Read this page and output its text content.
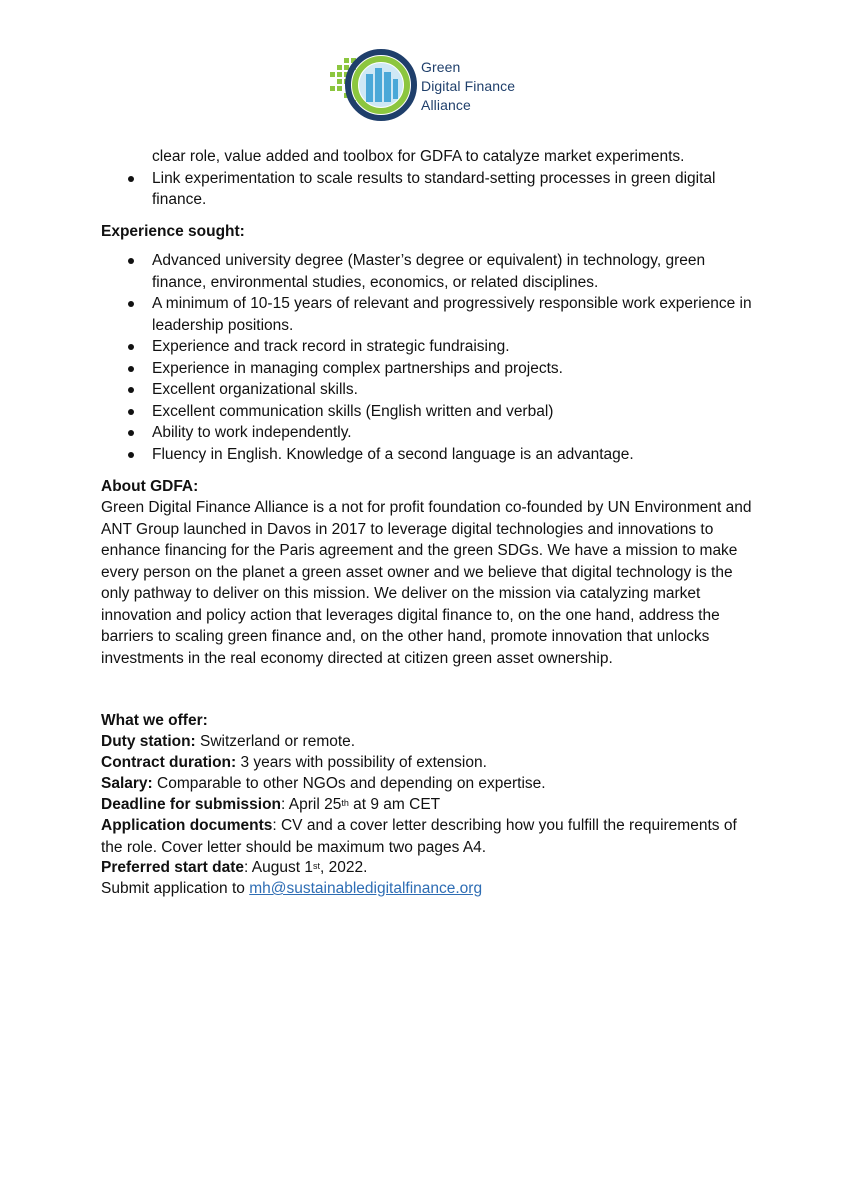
Green
Digital Finance
Alliance
clear role, value added and toolbox for GDFA to catalyze market experiments.
Link experimentation to scale results to standard-setting processes in green digital finance.
Experience sought:
Advanced university degree (Master’s degree or equivalent) in technology, green finance, environmental studies, economics, or related disciplines.
A minimum of 10-15 years of relevant and progressively responsible work experience in leadership positions.
Experience and track record in strategic fundraising.
Experience in managing complex partnerships and projects.
Excellent organizational skills.
Excellent communication skills (English written and verbal)
Ability to work independently.
Fluency in English. Knowledge of a second language is an advantage.
About GDFA:
Green Digital Finance Alliance is a not for profit foundation co-founded by UN Environment and ANT Group launched in Davos in 2017 to leverage digital technologies and innovations to enhance financing for the Paris agreement and the green SDGs. We have a mission to make every person on the planet a green asset owner and we believe that digital technology is the only pathway to deliver on this mission. We deliver on the mission via catalyzing market innovation and policy action that leverages digital finance to, on the one hand, address the barriers to scaling green finance and, on the other hand, promote innovation that unlocks investments in the real economy directed at citizen green asset ownership.
What we offer:
Duty station: Switzerland or remote.
Contract duration: 3 years with possibility of extension.
Salary: Comparable to other NGOs and depending on expertise.
Deadline for submission: April 25th at 9 am CET
Application documents: CV and a cover letter describing how you fulfill the requirements of the role. Cover letter should be maximum two pages A4.
Preferred start date: August 1st, 2022.
Submit application to mh@sustainabledigitalfinance.org
